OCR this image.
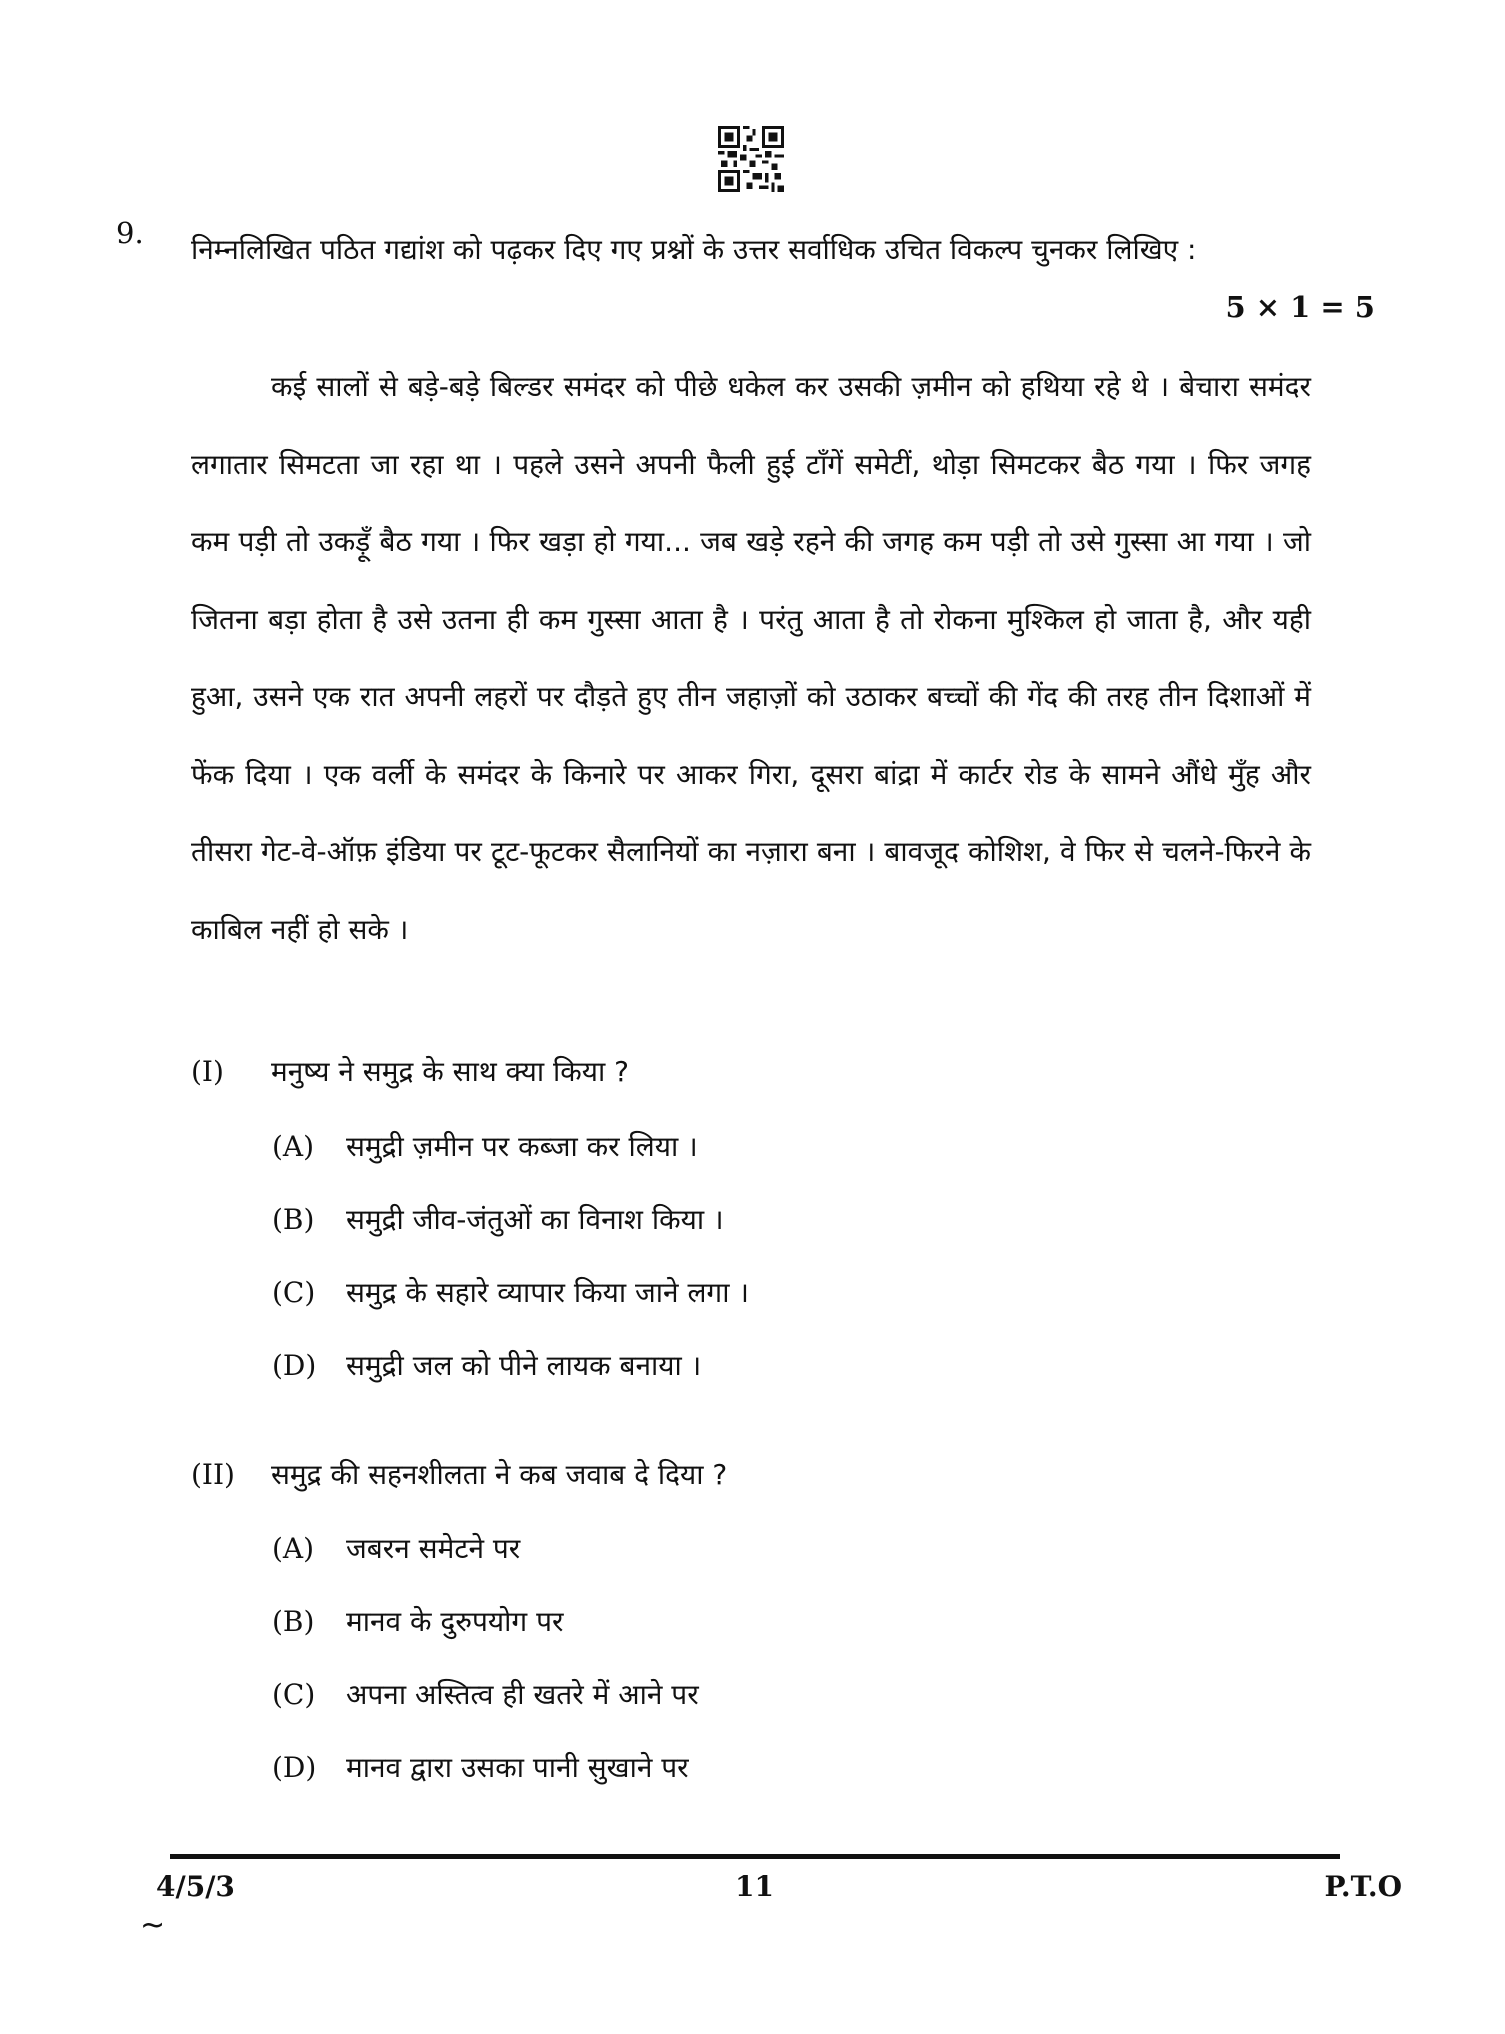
9. निम्नलिखित पठित गद्यांश को पढ़कर दिए गए प्रश्नों के उत्तर सर्वाधिक उचित विकल्प चुनकर लिखिए :
5 × 1 = 5

कई सालों से बड़े-बड़े बिल्डर समंदर को पीछे धकेल कर उसकी ज़मीन को हथिया रहे थे । बेचारा समंदर लगातार सिमटता जा रहा था । पहले उसने अपनी फैली हुई टाँगें समेटीं, थोड़ा सिमटकर बैठ गया । फिर जगह कम पड़ी तो उकड़ूँ बैठ गया । फिर खड़ा हो गया... जब खड़े रहने की जगह कम पड़ी तो उसे गुस्सा आ गया । जो जितना बड़ा होता है उसे उतना ही कम गुस्सा आता है । परंतु आता है तो रोकना मुश्किल हो जाता है, और यही हुआ, उसने एक रात अपनी लहरों पर दौड़ते हुए तीन जहाज़ों को उठाकर बच्चों की गेंद की तरह तीन दिशाओं में फेंक दिया । एक वर्ली के समंदर के किनारे पर आकर गिरा, दूसरा बांद्रा में कार्टर रोड के सामने औंधे मुँह और तीसरा गेट-वे-ऑफ़ इंडिया पर टूट-फूटकर सैलानियों का नज़ारा बना । बावजूद कोशिश, वे फिर से चलने-फिरने के काबिल नहीं हो सके ।

(I) मनुष्य ने समुद्र के साथ क्या किया ?
(A) समुद्री ज़मीन पर कब्जा कर लिया ।
(B) समुद्री जीव-जंतुओं का विनाश किया ।
(C) समुद्र के सहारे व्यापार किया जाने लगा ।
(D) समुद्री जल को पीने लायक बनाया ।
(II) समुद्र की सहनशीलता ने कब जवाब दे दिया ?
(A) जबरन समेटने पर
(B) मानव के दुरुपयोग पर
(C) अपना अस्तित्व ही खतरे में आने पर
(D) मानव द्वारा उसका पानी सुखाने पर
4/5/3	11	P.T.O
~
